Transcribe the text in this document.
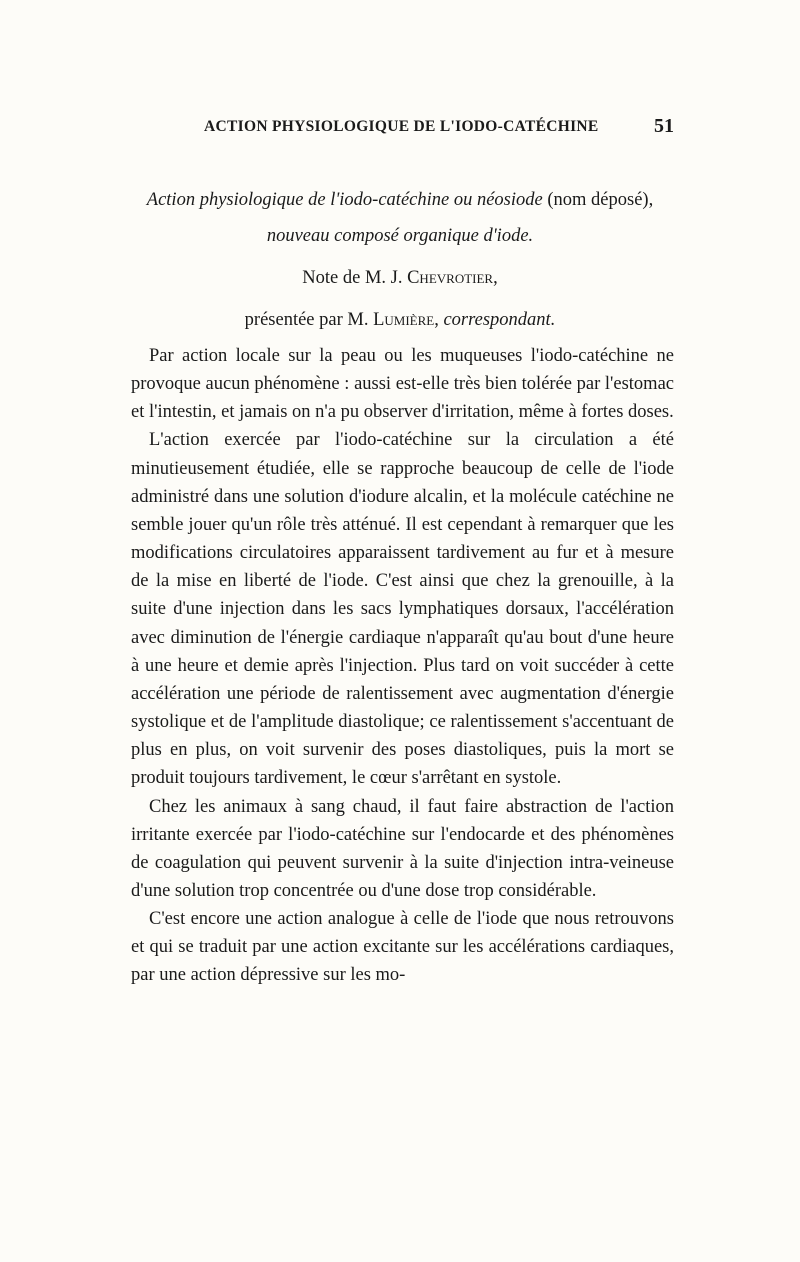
ACTION PHYSIOLOGIQUE DE L'IODO-CATÉCHINE	51
Action physiologique de l'iodo-catéchine ou néosiode (nom déposé),
nouveau composé organique d'iode.
Note de M. J. Chevrotier,
présentée par M. Lumière, correspondant.

Par action locale sur la peau ou les muqueuses l'iodo-catéchine ne provoque aucun phénomène : aussi est-elle très bien tolérée par l'estomac et l'intestin, et jamais on n'a pu observer d'irritation, même à fortes doses.

L'action exercée par l'iodo-catéchine sur la circulation a été minutieusement étudiée, elle se rapproche beaucoup de celle de l'iode administré dans une solution d'iodure alcalin, et la molécule catéchine ne semble jouer qu'un rôle très atténué. Il est cependant à remarquer que les modifications circulatoires apparaissent tardivement au fur et à mesure de la mise en liberté de l'iode. C'est ainsi que chez la grenouille, à la suite d'une injection dans les sacs lymphatiques dorsaux, l'accélération avec diminution de l'énergie cardiaque n'apparaît qu'au bout d'une heure à une heure et demie après l'injection. Plus tard on voit succéder à cette accélération une période de ralentissement avec augmentation d'énergie systolique et de l'amplitude diastolique; ce ralentissement s'accentuant de plus en plus, on voit survenir des poses diastoliques, puis la mort se produit toujours tardivement, le cœur s'arrêtant en systole.

Chez les animaux à sang chaud, il faut faire abstraction de l'action irritante exercée par l'iodo-catéchine sur l'endocarde et des phénomènes de coagulation qui peuvent survenir à la suite d'injection intra-veineuse d'une solution trop concentrée ou d'une dose trop considérable.

C'est encore une action analogue à celle de l'iode que nous retrouvons et qui se traduit par une action excitante sur les accélérations cardiaques, par une action dépressive sur les mo-
